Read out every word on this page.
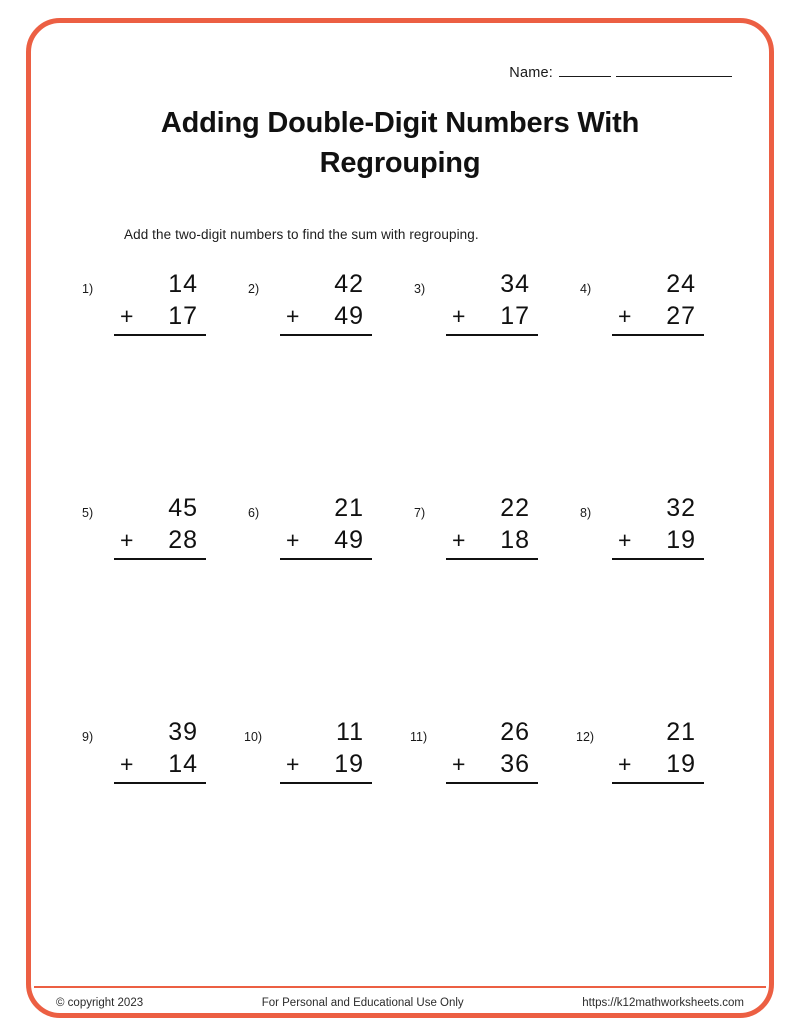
Name:
Adding Double-Digit Numbers With Regrouping
Add the two-digit numbers to find the sum with regrouping.
1)	14
+ 17
2)	42
+ 49
3)	34
+ 17
4)	24
+ 27
5)	45
+ 28
6)	21
+ 49
7)	22
+ 18
8)	32
+ 19
9)	39
+ 14
10)	11
+ 19
11)	26
+ 36
12)	21
+ 19
© copyright 2023	For Personal and Educational Use Only	https://k12mathworksheets.com
